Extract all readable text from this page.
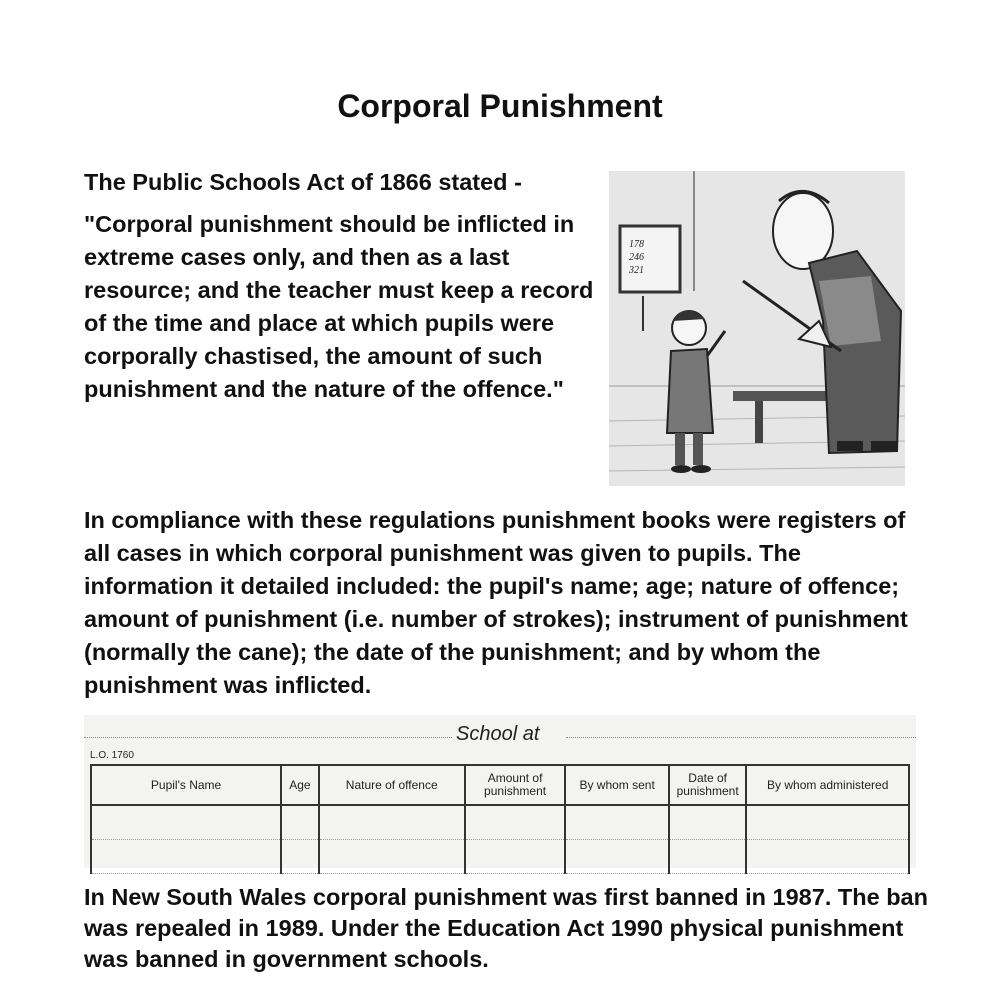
Corporal Punishment
The Public Schools Act of 1866 stated -
"Corporal punishment should be inflicted in extreme cases only, and then as a last resource; and the teacher must keep a record of the time and place at which pupils were corporally chastised, the amount of such punishment and the nature of the offence."
178
246
321
In compliance with these regulations punishment books were registers of all cases in which corporal punishment was given to pupils. The information it detailed included: the pupil's name; age; nature of offence; amount of punishment (i.e. number of strokes); instrument of punishment (normally the cane); the date of the punishment; and by whom the punishment was inflicted.
School at
L.O. 1760
Pupil's Name	Age	Nature of offence	Amount of punishment	By whom sent	Date of punishment	By whom administered

In New South Wales corporal punishment was first banned in 1987. The ban was repealed in 1989. Under the Education Act 1990 physical punishment was banned in government schools.
